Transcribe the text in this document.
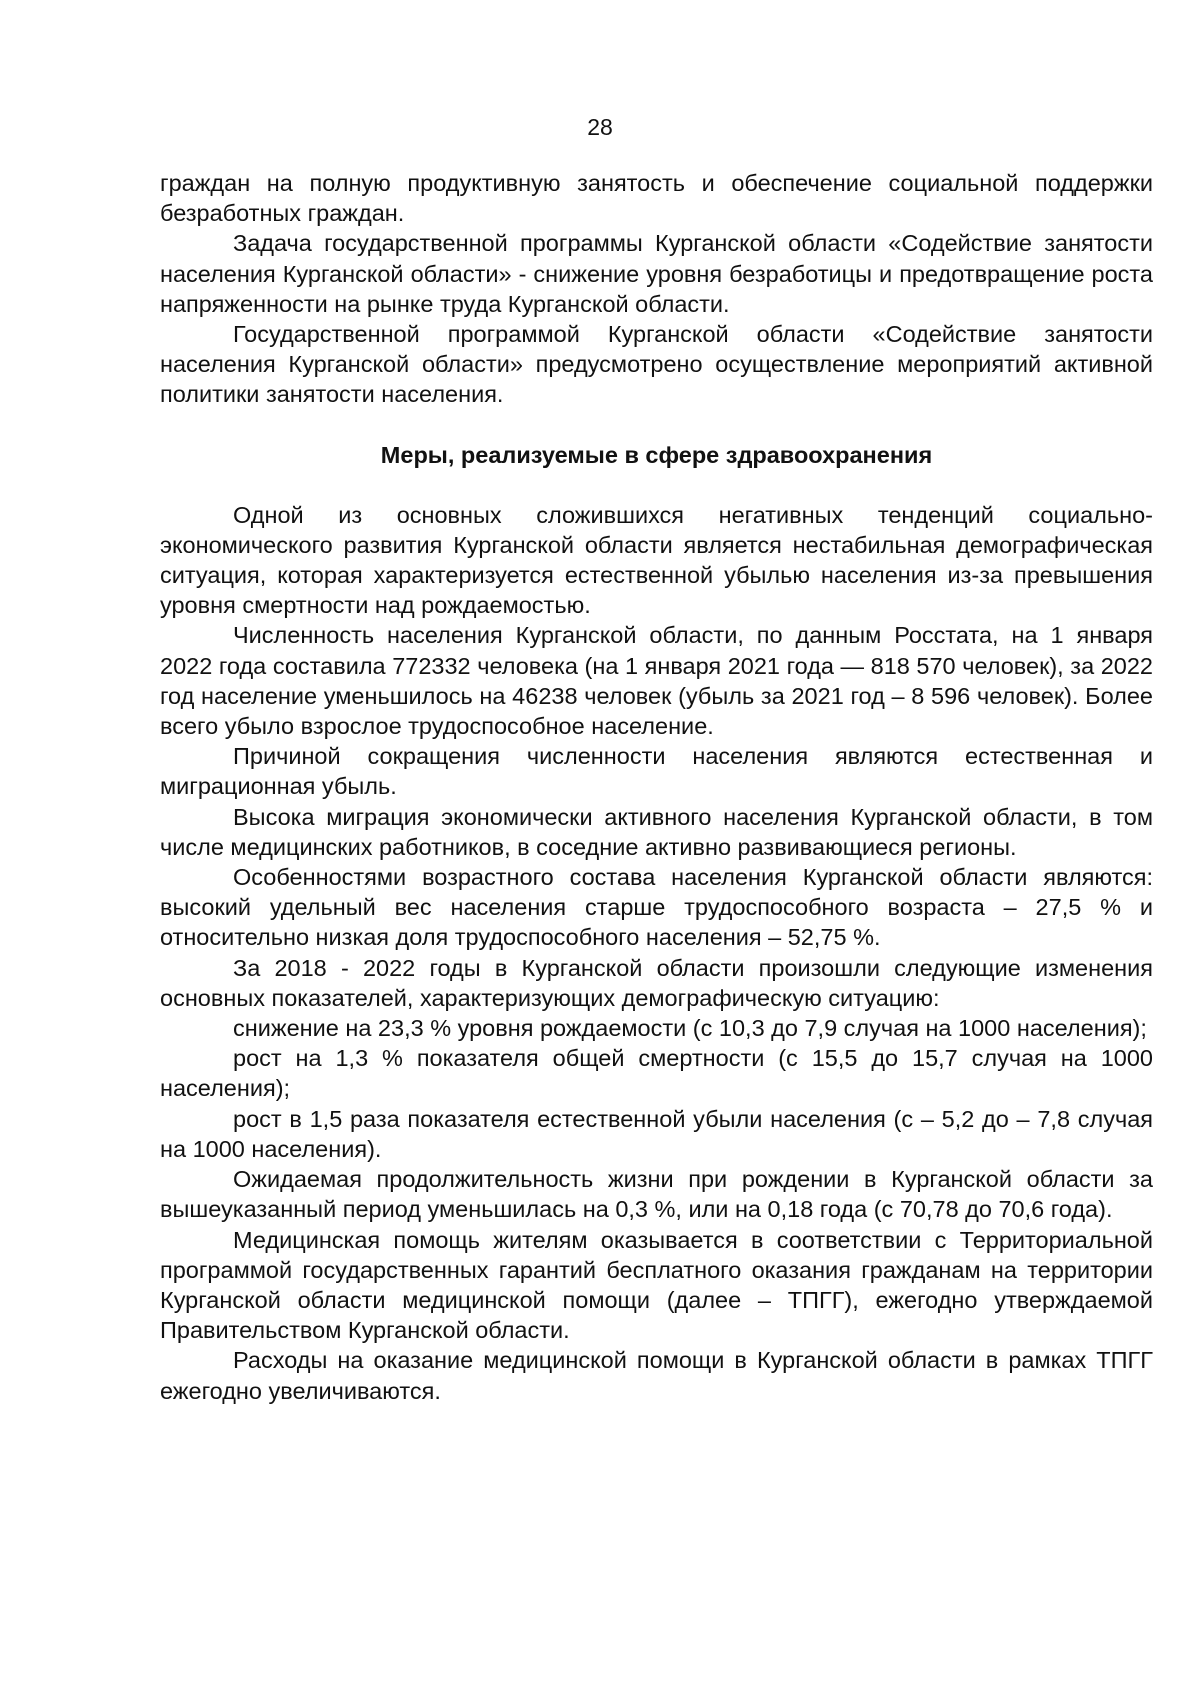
28

граждан на полную продуктивную занятость и обеспечение социальной поддержки безработных граждан.

Задача государственной программы Курганской области «Содействие занятости населения Курганской области» - снижение уровня безработицы и предотвращение роста напряженности на рынке труда Курганской области.

Государственной программой Курганской области «Содействие занятости населения Курганской области» предусмотрено осуществление мероприятий активной политики занятости населения.

Меры, реализуемые в сфере здравоохранения

Одной из основных сложившихся негативных тенденций социально-экономического развития Курганской области является нестабильная демографическая ситуация, которая характеризуется естественной убылью населения из-за превышения уровня смертности над рождаемостью.

Численность населения Курганской области, по данным Росстата, на 1 января 2022 года составила 772332 человека (на 1 января 2021 года — 818 570 человек), за 2022 год население уменьшилось на 46238 человек (убыль за 2021 год – 8 596 человек). Более всего убыло взрослое трудоспособное население.

Причиной сокращения численности населения являются естественная и миграционная убыль.

Высока миграция экономически активного населения Курганской области, в том числе медицинских работников, в соседние активно развивающиеся регионы.

Особенностями возрастного состава населения Курганской области являются: высокий удельный вес населения старше трудоспособного возраста – 27,5 % и относительно низкая доля трудоспособного населения – 52,75 %.

За 2018 - 2022 годы в Курганской области произошли следующие изменения основных показателей, характеризующих демографическую ситуацию:

снижение на 23,3 % уровня рождаемости (с 10,3 до 7,9 случая на 1000 населения);

рост на 1,3 % показателя общей смертности (с 15,5 до 15,7 случая на 1000 населения);

рост в 1,5 раза показателя естественной убыли населения (с – 5,2 до – 7,8 случая на 1000 населения).

Ожидаемая продолжительность жизни при рождении в Курганской области за вышеуказанный период уменьшилась на 0,3 %, или на 0,18 года (с 70,78 до 70,6 года).

Медицинская помощь жителям оказывается в соответствии с Территориальной программой государственных гарантий бесплатного оказания гражданам на территории Курганской области медицинской помощи (далее – ТПГГ), ежегодно утверждаемой Правительством Курганской области.

Расходы на оказание медицинской помощи в Курганской области в рамках ТПГГ ежегодно увеличиваются.
